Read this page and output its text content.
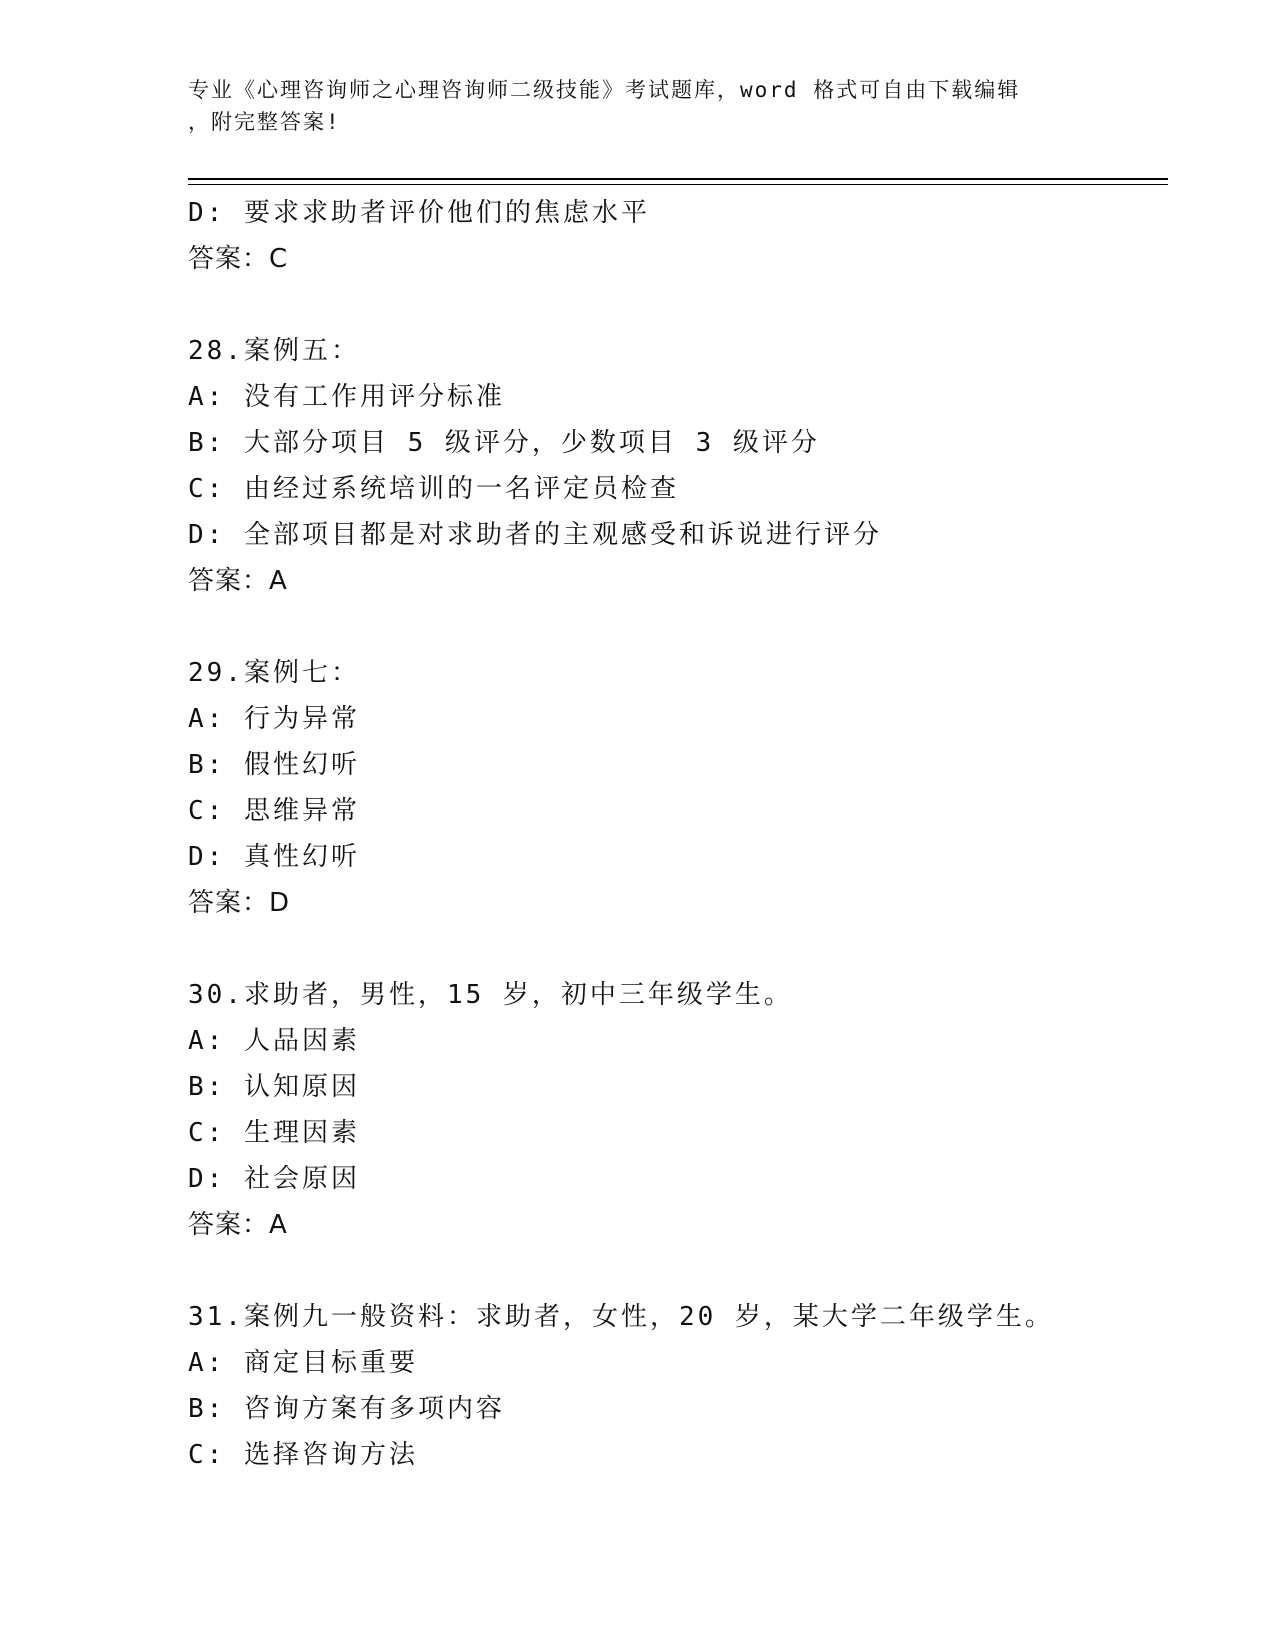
专业《心理咨询师之心理咨询师二级技能》考试题库，word 格式可自由下载编辑
，附完整答案!
D: 要求求助者评价他们的焦虑水平
答案：C
28.案例五：
A: 没有工作用评分标准
B: 大部分项目 5 级评分，少数项目 3 级评分
C: 由经过系统培训的一名评定员检查
D: 全部项目都是对求助者的主观感受和诉说进行评分
答案：A
29.案例七：
A: 行为异常
B: 假性幻听
C: 思维异常
D: 真性幻听
答案：D
30.求助者，男性，15 岁，初中三年级学生。
A: 人品因素
B: 认知原因
C: 生理因素
D: 社会原因
答案：A
31.案例九一般资料：求助者，女性，20 岁，某大学二年级学生。
A: 商定目标重要
B: 咨询方案有多项内容
C: 选择咨询方法
